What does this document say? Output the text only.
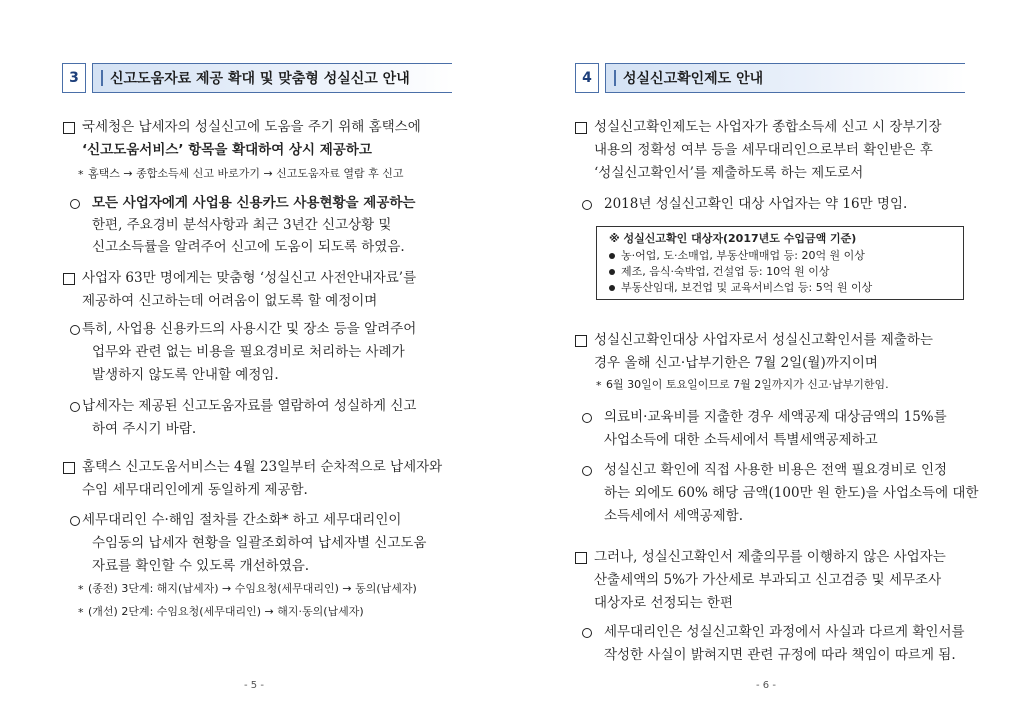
3	신고도움자료 제공 확대 및 맞춤형 성실신고 안내
국세청은 납세자의 성실신고에 도움을 주기 위해 홈택스에
‘신고도움서비스’ 항목을 확대하여 상시 제공하고
* 홈택스 → 종합소득세 신고 바로가기 → 신고도움자료 열람 후 신고
모든 사업자에게 사업용 신용카드 사용현황을 제공하는
한편, 주요경비 분석사항과 최근 3년간 신고상황 및
신고소득률을 알려주어 신고에 도움이 되도록 하였음.
사업자 63만 명에게는 맞춤형 ‘성실신고 사전안내자료’를
제공하여 신고하는데 어려움이 없도록 할 예정이며
특히, 사업용 신용카드의 사용시간 및 장소 등을 알려주어
업무와 관련 없는 비용을 필요경비로 처리하는 사례가
발생하지 않도록 안내할 예정임.
납세자는 제공된 신고도움자료를 열람하여 성실하게 신고
하여 주시기 바람.
홈택스 신고도움서비스는 4월 23일부터 순차적으로 납세자와
수임 세무대리인에게 동일하게 제공함.
세무대리인 수·해임 절차를 간소화* 하고 세무대리인이
수임동의 납세자 현황을 일괄조회하여 납세자별 신고도움
자료를 확인할 수 있도록 개선하였음.
* (종전) 3단계: 해지(납세자) → 수임요청(세무대리인) → 동의(납세자)
* (개선) 2단계: 수임요청(세무대리인) → 해지·동의(납세자)
- 5 -
4	성실신고확인제도 안내
성실신고확인제도는 사업자가 종합소득세 신고 시 장부기장
내용의 정확성 여부 등을 세무대리인으로부터 확인받은 후
‘성실신고확인서’를 제출하도록 하는 제도로서
2018년 성실신고확인 대상 사업자는 약 16만 명임.
※ 성실신고확인 대상자(2017년도 수입금액 기준)
농·어업, 도·소매업, 부동산매매업 등: 20억 원 이상
제조, 음식·숙박업, 건설업 등: 10억 원 이상
부동산임대, 보건업 및 교육서비스업 등: 5억 원 이상
성실신고확인대상 사업자로서 성실신고확인서를 제출하는
경우 올해 신고·납부기한은 7월 2일(월)까지이며
* 6월 30일이 토요일이므로 7월 2일까지가 신고·납부기한임.
의료비·교육비를 지출한 경우 세액공제 대상금액의 15%를
사업소득에 대한 소득세에서 특별세액공제하고
성실신고 확인에 직접 사용한 비용은 전액 필요경비로 인정
하는 외에도 60% 해당 금액(100만 원 한도)을 사업소득에 대한
소득세에서 세액공제함.
그러나, 성실신고확인서 제출의무를 이행하지 않은 사업자는
산출세액의 5%가 가산세로 부과되고 신고검증 및 세무조사
대상자로 선정되는 한편
세무대리인은 성실신고확인 과정에서 사실과 다르게 확인서를
작성한 사실이 밝혀지면 관련 규정에 따라 책임이 따르게 됨.
- 6 -
